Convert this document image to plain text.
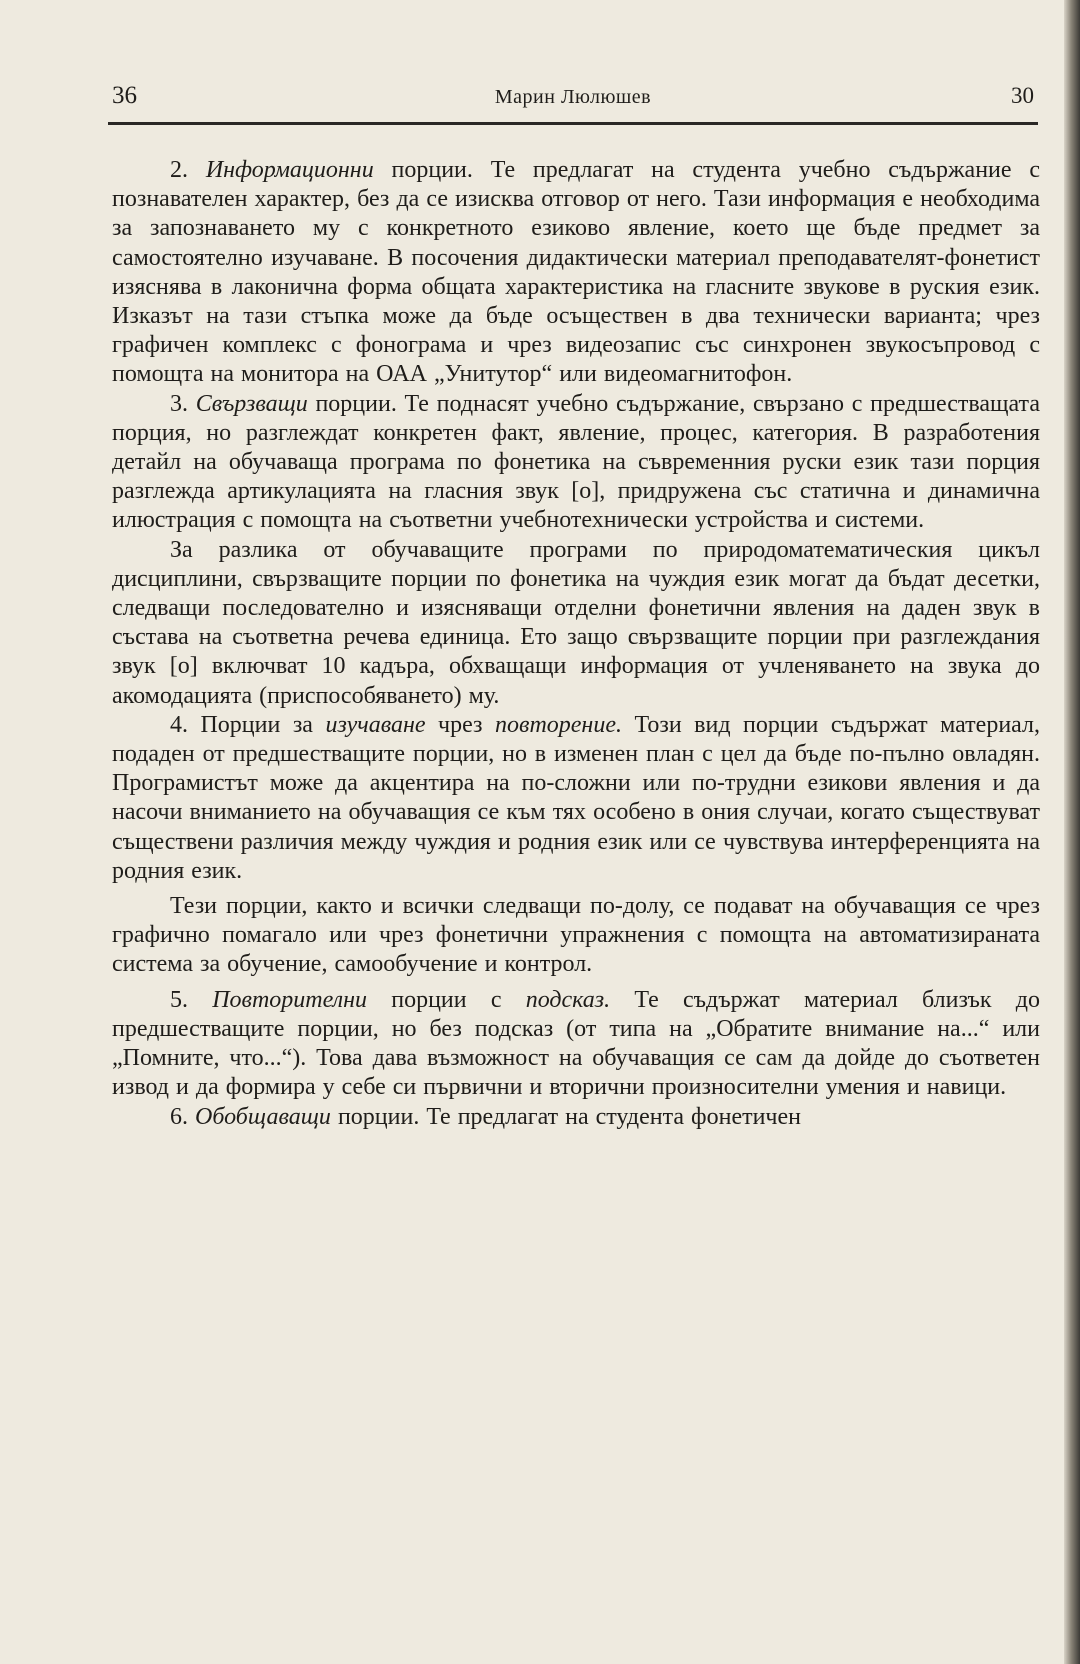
36	Марин Люлюшев	30

2. Информационни порции. Те предлагат на студента учебно съдържание с познавателен характер, без да се изисква отговор от него. Тази информация е необходима за запознаването му с конкретното езиково явление, което ще бъде предмет за самостоятелно изучаване. В посочения дидактически материал преподавателят-фонетист изяснява в лаконична форма общата характеристика на гласните звукове в руския език. Изказът на тази стъпка може да бъде осъществен в два технически варианта; чрез графичен комплекс с фонограма и чрез видеозапис със синхронен звукосъпровод с помощта на монитора на ОАА „Унитутор“ или видеомагнитофон.

3. Свързващи порции. Те поднасят учебно съдържание, свързано с предшестващата порция, но разглеждат конкретен факт, явление, процес, категория. В разработения детайл на обучаваща програма по фонетика на съвременния руски език тази порция разглежда артикулацията на гласния звук [о], придружена със статична и динамична илюстрация с помощта на съответни учебнотехнически устройства и системи.

За разлика от обучаващите програми по природоматематическия цикъл дисциплини, свързващите порции по фонетика на чуждия език могат да бъдат десетки, следващи последователно и изясняващи отделни фонетични явления на даден звук в състава на съответна речева единица. Ето защо свързващите порции при разглеждания звук [о] включват 10 кадъра, обхващащи информация от учленяването на звука до акомодацията (приспособяването) му.

4. Порции за изучаване чрез повторение. Този вид порции съдържат материал, подаден от предшестващите порции, но в изменен план с цел да бъде по-пълно овладян. Програмистът може да акцентира на по-сложни или по-трудни езикови явления и да насочи вниманието на обучаващия се към тях особено в ония случаи, когато съществуват съществени различия между чуждия и родния език или се чувствува интерференцията на родния език.

Тези порции, както и всички следващи по-долу, се подават на обучаващия се чрез графично помагало или чрез фонетични упражнения с помощта на автоматизираната система за обучение, самообучение и контрол.

5. Повторителни порции с подсказ. Те съдържат материал близък до предшестващите порции, но без подсказ (от типа на „Обратите внимание на...“ или „Помните, что...“). Това дава възможност на обучаващия се сам да дойде до съответен извод и да формира у себе си първични и вторични произносителни умения и навици.

6. Обобщаващи порции. Те предлагат на студента фонетичен
